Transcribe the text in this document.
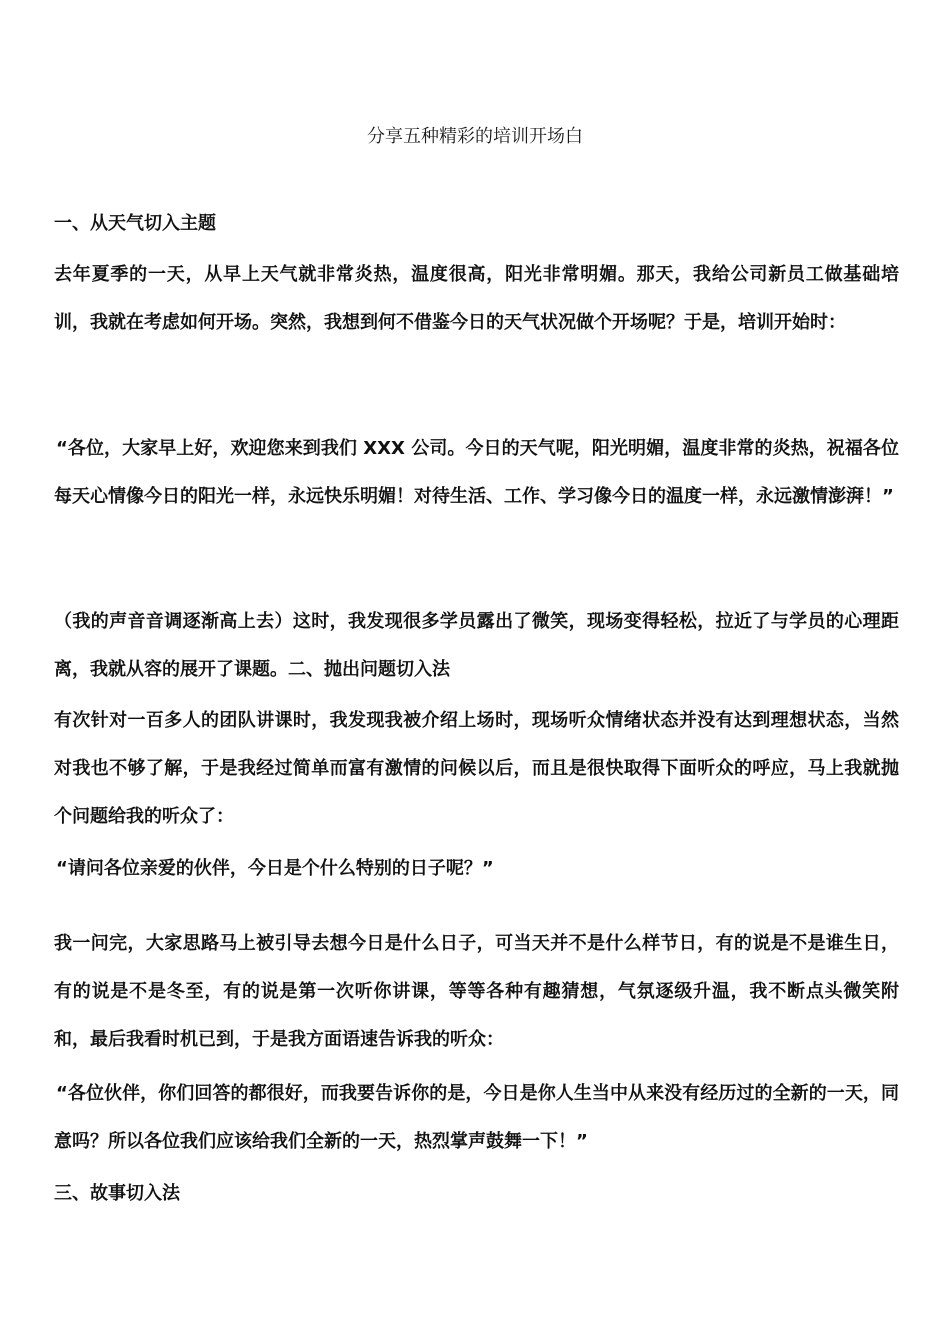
分享五种精彩的培训开场白

一、从天气切入主题

去年夏季的一天，从早上天气就非常炎热，温度很高，阳光非常明媚。那天，我给公司新员工做基础培训，我就在考虑如何开场。突然，我想到何不借鉴今日的天气状况做个开场呢？于是，培训开始时：

“各位，大家早上好，欢迎您来到我们 XXX 公司。今日的天气呢，阳光明媚，温度非常的炎热，祝福各位每天心情像今日的阳光一样，永远快乐明媚！对待生活、工作、学习像今日的温度一样，永远激情澎湃！”

（我的声音音调逐渐高上去）这时，我发现很多学员露出了微笑，现场变得轻松，拉近了与学员的心理距离，我就从容的展开了课题。二、抛出问题切入法

有次针对一百多人的团队讲课时，我发现我被介绍上场时，现场听众情绪状态并没有达到理想状态，当然对我也不够了解，于是我经过简单而富有激情的问候以后，而且是很快取得下面听众的呼应，马上我就抛个问题给我的听众了：

“请问各位亲爱的伙伴，今日是个什么特别的日子呢？”

我一问完，大家思路马上被引导去想今日是什么日子，可当天并不是什么样节日，有的说是不是谁生日，有的说是不是冬至，有的说是第一次听你讲课，等等各种有趣猜想，气氛逐级升温，我不断点头微笑附和，最后我看时机已到，于是我方面语速告诉我的听众：

“各位伙伴，你们回答的都很好，而我要告诉你的是，今日是你人生当中从来没有经历过的全新的一天，同意吗？所以各位我们应该给我们全新的一天，热烈掌声鼓舞一下！”

三、故事切入法
